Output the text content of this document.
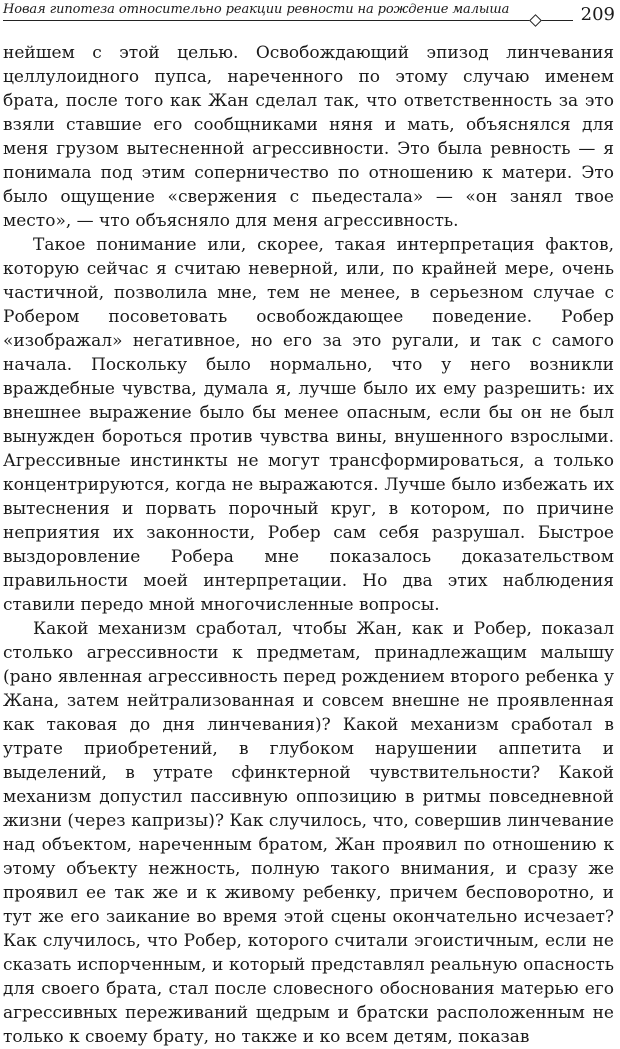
Новая гипотеза относительно реакции ревности на рождение малыша	209

нейшем с этой целью. Освобождающий эпизод линчевания целлулоидного пупса, нареченного по этому случаю именем брата, после того как Жан сделал так, что ответственность за это взяли ставшие его сообщниками няня и мать, объяснялся для меня грузом вытесненной агрессивности. Это была ревность — я понимала под этим соперничество по отношению к матери. Это было ощущение «свержения с пьедестала» — «он занял твое место», — что объясняло для меня агрессивность.

Такое понимание или, скорее, такая интерпретация фактов, которую сейчас я считаю неверной, или, по крайней мере, очень частичной, позволила мне, тем не менее, в серьезном случае с Робером посоветовать освобождающее поведение. Робер «изображал» негативное, но его за это ругали, и так с самого начала. Поскольку было нормально, что у него возникли враждебные чувства, думала я, лучше было их ему разрешить: их внешнее выражение было бы менее опасным, если бы он не был вынужден бороться против чувства вины, внушенного взрослыми. Агрессивные инстинкты не могут трансформироваться, а только концентрируются, когда не выражаются. Лучше было избежать их вытеснения и порвать порочный круг, в котором, по причине неприятия их законности, Робер сам себя разрушал. Быстрое выздоровление Робера мне показалось доказательством правильности моей интерпретации. Но два этих наблюдения ставили передо мной многочисленные вопросы.

Какой механизм сработал, чтобы Жан, как и Робер, показал столько агрессивности к предметам, принадлежащим малышу (рано явленная агрессивность перед рождением второго ребенка у Жана, затем нейтрализованная и совсем внешне не проявленная как таковая до дня линчевания)? Какой механизм сработал в утрате приобретений, в глубоком нарушении аппетита и выделений, в утрате сфинктерной чувствительности? Какой механизм допустил пассивную оппозицию в ритмы повседневной жизни (через капризы)? Как случилось, что, совершив линчевание над объектом, нареченным братом, Жан проявил по отношению к этому объекту нежность, полную такого внимания, и сразу же проявил ее так же и к живому ребенку, причем бесповоротно, и тут же его заикание во время этой сцены окончательно исчезает? Как случилось, что Робер, которого считали эгоистичным, если не сказать испорченным, и который представлял реальную опасность для своего брата, стал после словесного обоснования матерью его агрессивных переживаний щедрым и братски расположенным не только к своему брату, но также и ко всем детям, показав
